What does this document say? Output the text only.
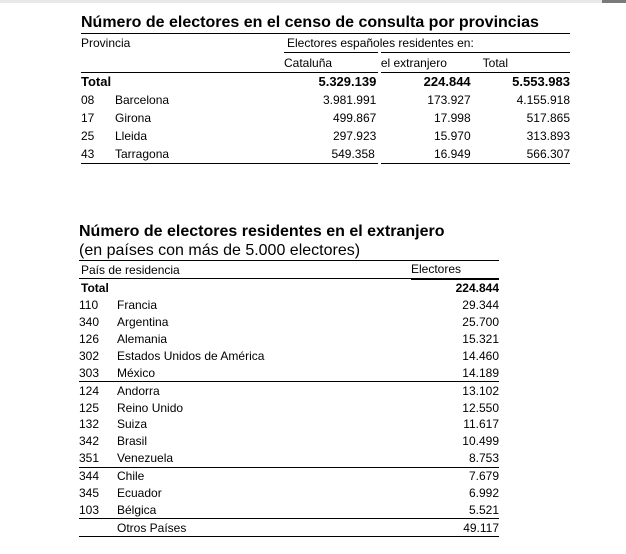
Número de electores en el censo de consulta por provincias
Provincia	Electores españoles residentes en:		
	Cataluña	el extranjero	Total
Total	5.329.139	224.844	5.553.983
08 Barcelona	3.981.991	173.927	4.155.918
17 Girona	499.867	17.998	517.865
25 Lleida	297.923	15.970	313.893
43 Tarragona	549.358	16.949	566.307
Número de electores residentes en el extranjero
(en países con más de 5.000 electores)
País de residencia	Electores
Total	224.844
110 Francia	29.344
340 Argentina	25.700
126 Alemania	15.321
302 Estados Unidos de América	14.460
303 México	14.189
124 Andorra	13.102
125 Reino Unido	12.550
132 Suiza	11.617
342 Brasil	10.499
351 Venezuela	8.753
344 Chile	7.679
345 Ecuador	6.992
103 Bélgica	5.521
Otros Países	49.117
